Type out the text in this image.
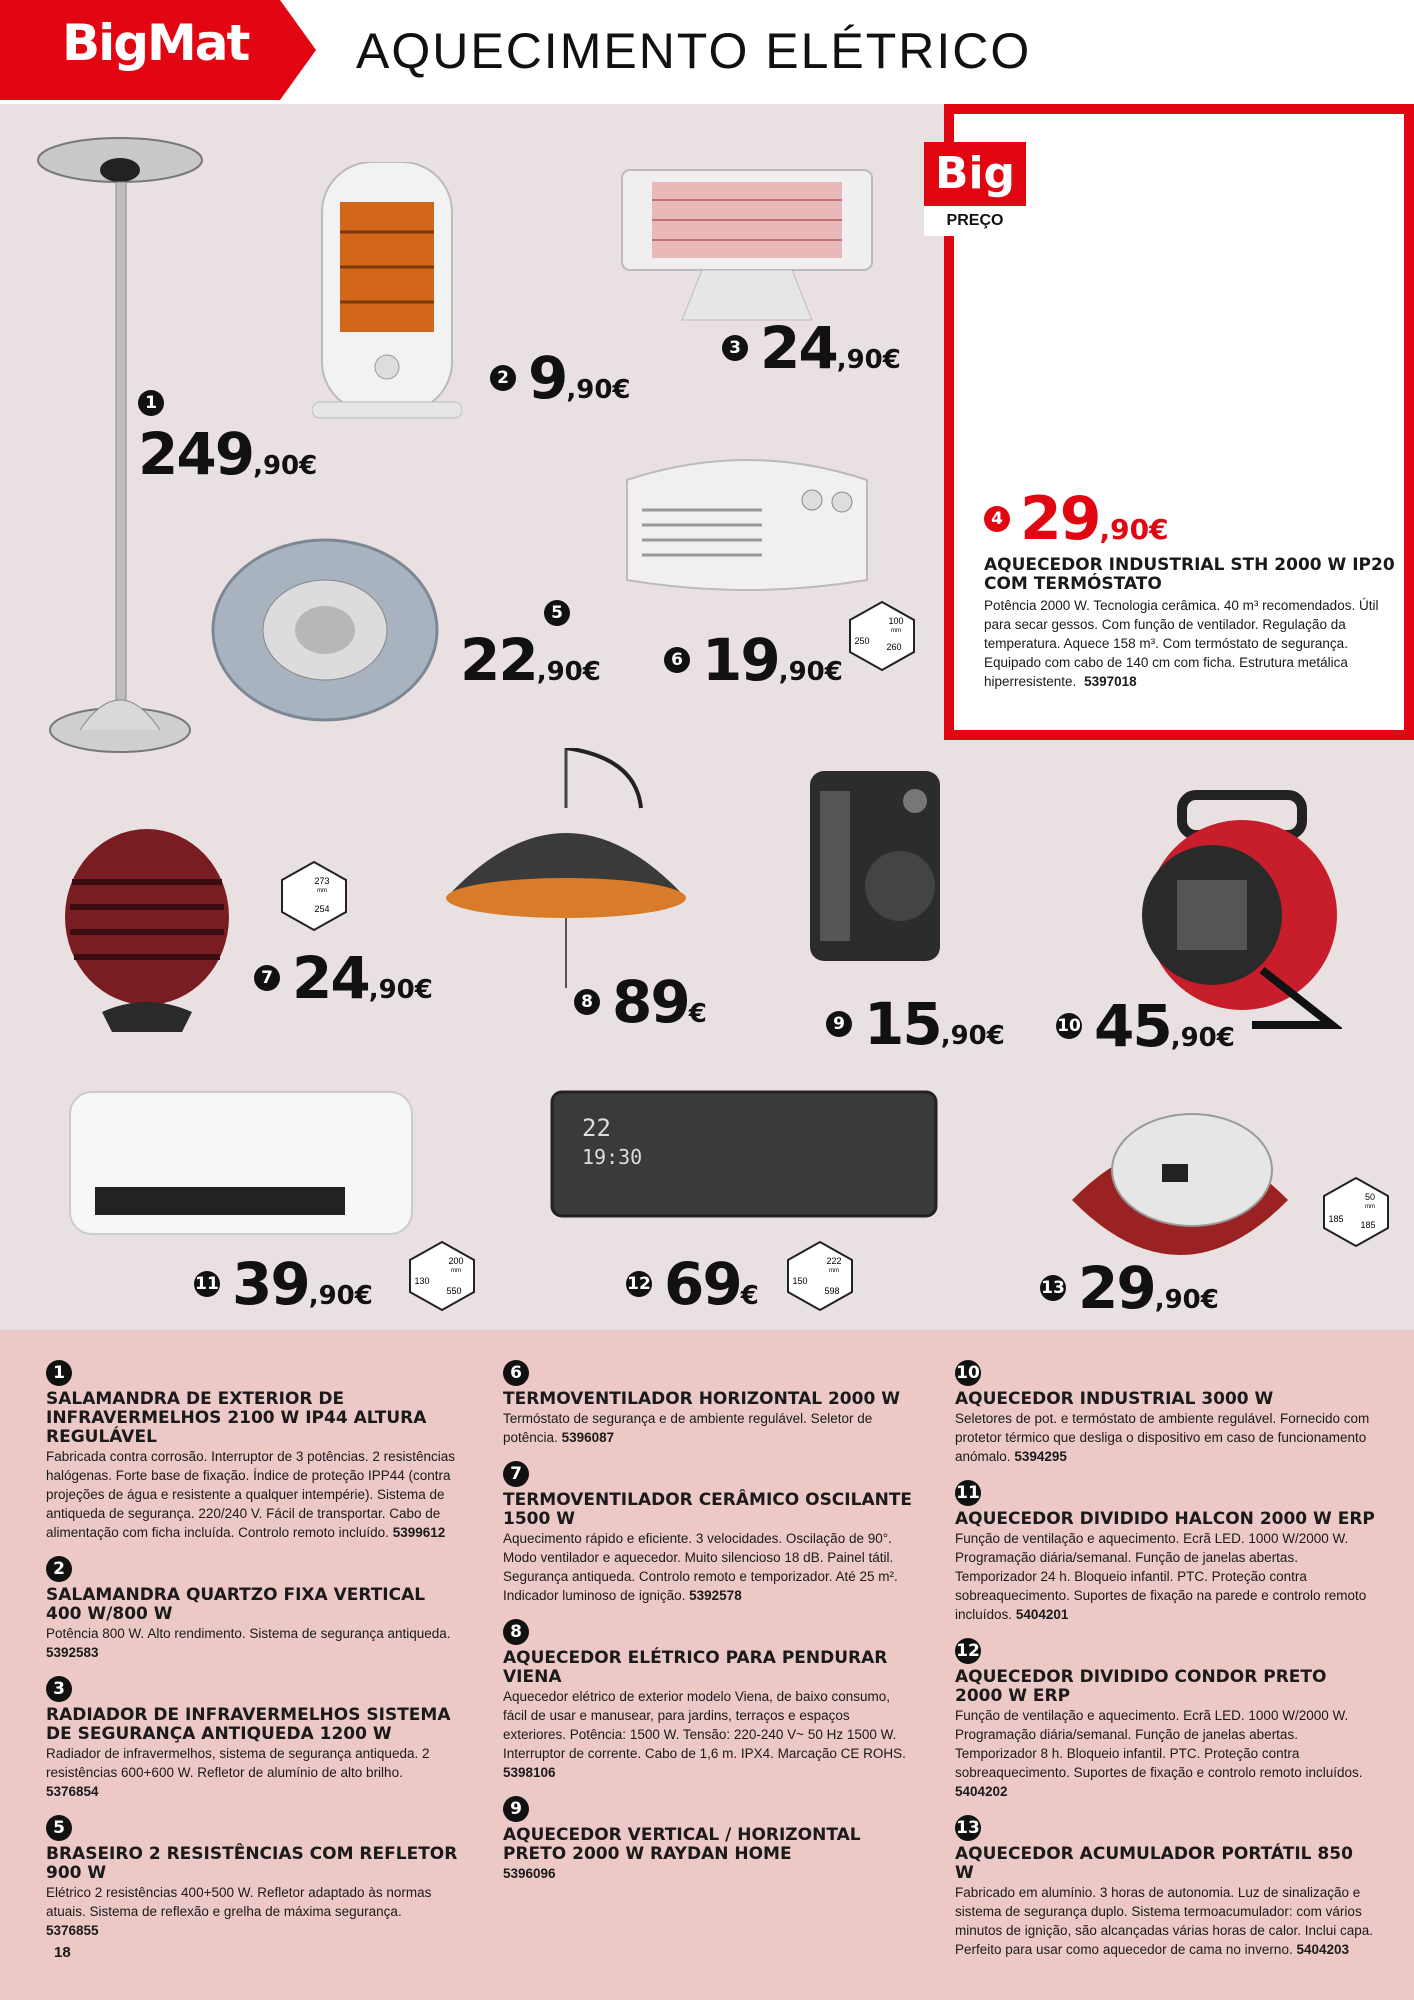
BigMat AQUECIMENTO ELÉTRICO
22
19:30
1
249 ,90€
2 9 ,90€
3 24 ,90€
5
22 ,90€	6 19 ,90€
7 24 ,90€	8 89 €	9 15 ,90€	10 45 ,90€
11 39 ,90€	12 69 €	13 29 ,90€
100
250
260
mm
273
254
mm
200
130
550
mm
222
150
598
mm
50
185
185
mm
Big
PREÇO
4 29 ,90€
AQUECEDOR INDUSTRIAL STH 2000 W IP20 COM TERMÓSTATO
Potência 2000 W. Tecnologia cerâmica. 40 m³ recomendados. Útil para secar gessos. Com função de ventilador. Regulação da temperatura. Aquece 158 m³. Com termóstato de segurança. Equipado com cabo de 140 cm com ficha. Estrutura metálica hiperresistente. 5397018
1
SALAMANDRA DE EXTERIOR DE INFRAVERMELHOS 2100 W IP44 ALTURA REGULÁVEL
Fabricada contra corrosão. Interruptor de 3 potências. 2 resistências halógenas. Forte base de fixação. Índice de proteção IPP44 (contra projeções de água e resistente a qualquer intempérie). Sistema de antiqueda de segurança. 220/240 V. Fácil de transportar. Cabo de alimentação com ficha incluída. Controlo remoto incluído. 5399612
2
SALAMANDRA QUARTZO FIXA VERTICAL 400 W/800 W
Potência 800 W. Alto rendimento. Sistema de segurança antiqueda. 5392583
3
RADIADOR DE INFRAVERMELHOS SISTEMA DE SEGURANÇA ANTIQUEDA 1200 W
Radiador de infravermelhos, sistema de segurança antiqueda. 2 resistências 600+600 W. Refletor de alumínio de alto brilho. 5376854
5
BRASEIRO 2 RESISTÊNCIAS COM REFLETOR 900 W
Elétrico 2 resistências 400+500 W. Refletor adaptado às normas atuais. Sistema de reflexão e grelha de máxima segurança. 5376855
6
TERMOVENTILADOR HORIZONTAL 2000 W
Termóstato de segurança e de ambiente regulável. Seletor de potência. 5396087
7
TERMOVENTILADOR CERÂMICO OSCILANTE 1500 W
Aquecimento rápido e eficiente. 3 velocidades. Oscilação de 90°. Modo ventilador e aquecedor. Muito silencioso 18 dB. Painel tátil. Segurança antiqueda. Controlo remoto e temporizador. Até 25 m². Indicador luminoso de ignição. 5392578
8
AQUECEDOR ELÉTRICO PARA PENDURAR VIENA
Aquecedor elétrico de exterior modelo Viena, de baixo consumo, fácil de usar e manusear, para jardins, terraços e espaços exteriores. Potência: 1500 W. Tensão: 220-240 V~ 50 Hz 1500 W. Interruptor de corrente. Cabo de 1,6 m. IPX4. Marcação CE ROHS. 5398106
9
AQUECEDOR VERTICAL / HORIZONTAL PRETO 2000 W RAYDAN HOME
5396096
10
AQUECEDOR INDUSTRIAL 3000 W
Seletores de pot. e termóstato de ambiente regulável. Fornecido com protetor térmico que desliga o dispositivo em caso de funcionamento anómalo. 5394295
11
AQUECEDOR DIVIDIDO HALCON 2000 W ERP
Função de ventilação e aquecimento. Ecrã LED. 1000 W/2000 W. Programação diária/semanal. Função de janelas abertas. Temporizador 24 h. Bloqueio infantil. PTC. Proteção contra sobreaquecimento. Suportes de fixação na parede e controlo remoto incluídos. 5404201
12
AQUECEDOR DIVIDIDO CONDOR PRETO 2000 W ERP
Função de ventilação e aquecimento. Ecrã LED. 1000 W/2000 W. Programação diária/semanal. Função de janelas abertas. Temporizador 8 h. Bloqueio infantil. PTC. Proteção contra sobreaquecimento. Suportes de fixação e controlo remoto incluídos. 5404202
13
AQUECEDOR ACUMULADOR PORTÁTIL 850 W
Fabricado em alumínio. 3 horas de autonomia. Luz de sinalização e sistema de segurança duplo. Sistema termoacumulador: com vários minutos de ignição, são alcançadas várias horas de calor. Inclui capa. Perfeito para usar como aquecedor de cama no inverno. 5404203
18
